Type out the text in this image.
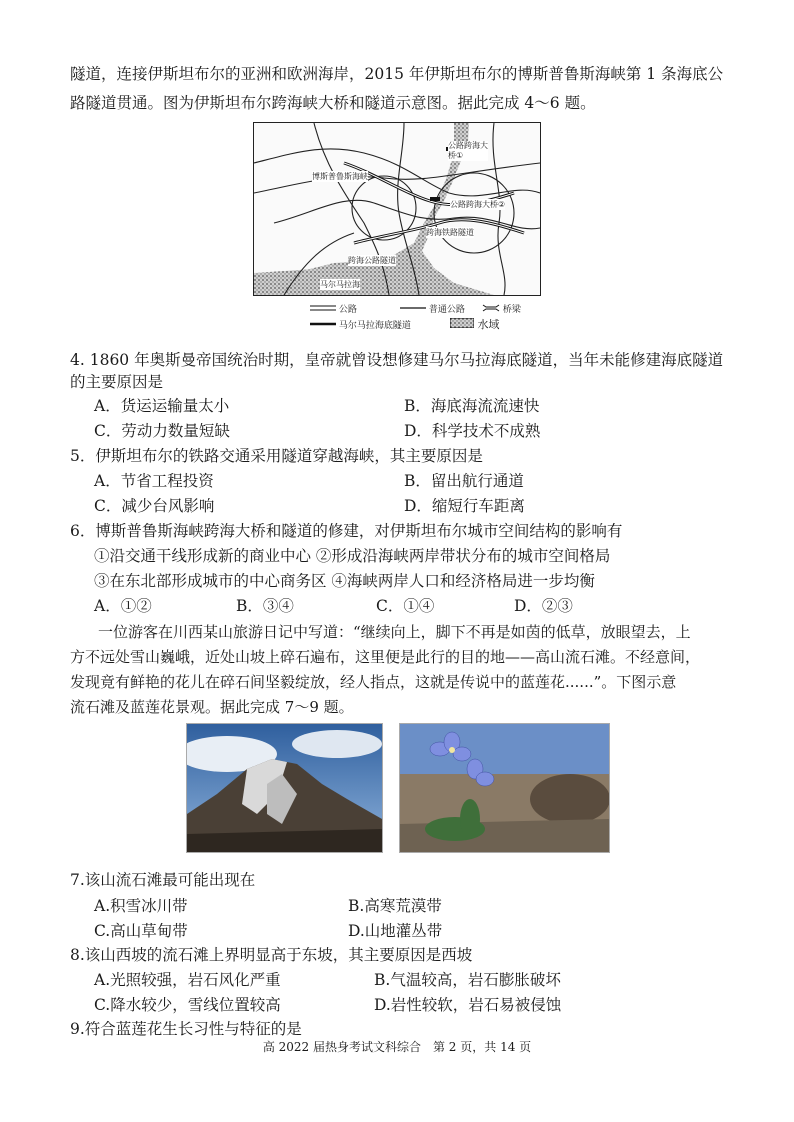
隧道，连接伊斯坦布尔的亚洲和欧洲海岸，2015 年伊斯坦布尔的博斯普鲁斯海峡第 1 条海底公
路隧道贯通。图为伊斯坦布尔跨海峡大桥和隧道示意图。据此完成 4～6 题。
公路跨海大桥①
博斯普鲁斯海峡
公路跨海大桥②
跨海铁路隧道
跨海公路隧道
马尔马拉海
公路	普通公路	桥梁
马尔马拉海底隧道	水域
4. 1860 年奥斯曼帝国统治时期，皇帝就曾设想修建马尔马拉海底隧道，当年未能修建海底隧道
的主要原因是
A．货运运输量太小	B．海底海流流速快
C．劳动力数量短缺	D．科学技术不成熟
5．伊斯坦布尔的铁路交通采用隧道穿越海峡，其主要原因是
A．节省工程投资	B．留出航行通道
C．减少台风影响	D．缩短行车距离
6．博斯普鲁斯海峡跨海大桥和隧道的修建，对伊斯坦布尔城市空间结构的影响有
①沿交通干线形成新的商业中心 ②形成沿海峡两岸带状分布的城市空间格局
③在东北部形成城市的中心商务区 ④海峡两岸人口和经济格局进一步均衡
A．①②	B．③④	C．①④	D．②③
一位游客在川西某山旅游日记中写道：“继续向上，脚下不再是如茵的低草，放眼望去，上
方不远处雪山巍峨，近处山坡上碎石遍布，这里便是此行的目的地——高山流石滩。不经意间，
发现竟有鲜艳的花儿在碎石间坚毅绽放，经人指点，这就是传说中的蓝莲花......”。下图示意
流石滩及蓝莲花景观。据此完成 7～9 题。
7.该山流石滩最可能出现在
A.积雪冰川带	B.高寒荒漠带
C.高山草甸带	D.山地灌丛带
8.该山西坡的流石滩上界明显高于东坡，其主要原因是西坡
A.光照较强，岩石风化严重	B.气温较高，岩石膨胀破坏
C.降水较少，雪线位置较高	D.岩性较软，岩石易被侵蚀
9.符合蓝莲花生长习性与特征的是
高 2022 届热身考试文科综合　第 2 页，共 14 页
